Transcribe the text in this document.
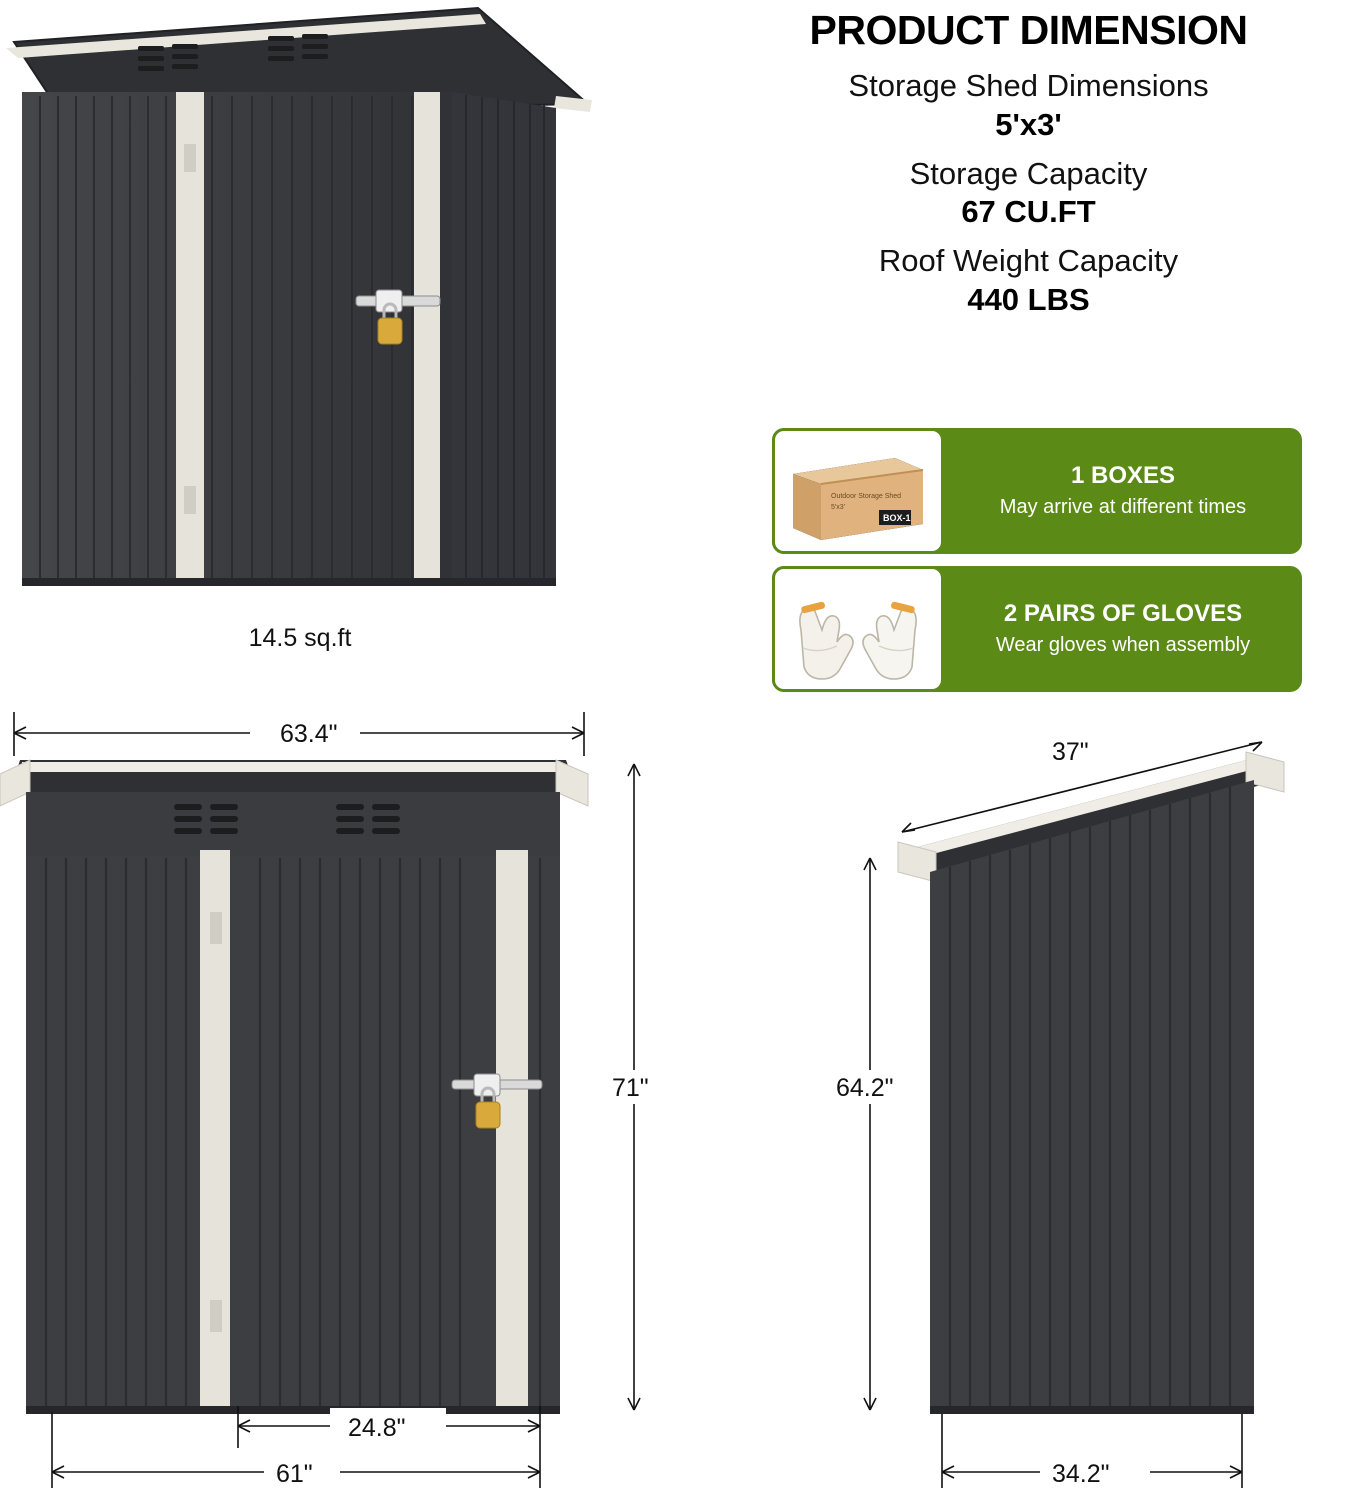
PRODUCT DIMENSION
Storage Shed Dimensions
5'x3'
Storage Capacity
67 CU.FT
Roof Weight Capacity
440 LBS
Outdoor Storage Shed
5'x3'
BOX-1
1 BOXES
May arrive at different times
2 PAIRS OF GLOVES
Wear gloves when assembly
14.5 sq.ft
63.4"
71"
24.8"
61"
37"
64.2"
34.2"
